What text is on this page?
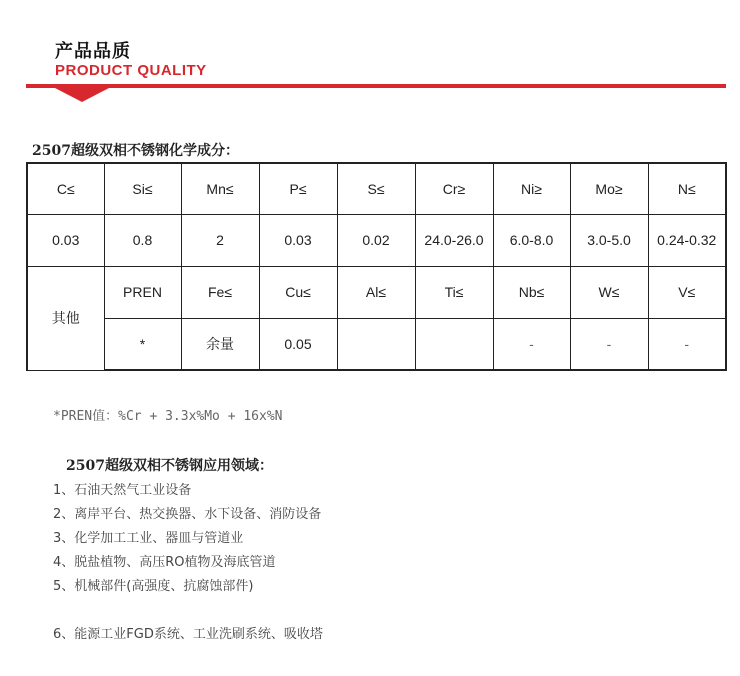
产品品质
PRODUCT QUALITY
2507超级双相不锈钢化学成分：
C≤	Si≤	Mn≤	P≤	S≤	Cr≥	Ni≥	Mo≥	N≤
0.03	0.8	2	0.03	0.02	24.0-26.0	6.0-8.0	3.0-5.0	0.24-0.32
其他	PREN	Fe≤	Cu≤	Al≤	Ti≤	Nb≤	W≤	V≤
	*	余量	0.05			-	-	-
*PREN值：%Cr + 3.3x%Mo + 16x%N
2507超级双相不锈钢应用领域：
1、石油天然气工业设备
2、离岸平台、热交换器、水下设备、消防设备
3、化学加工工业、器皿与管道业
4、脱盐植物、高压RO植物及海底管道
5、机械部件(高强度、抗腐蚀部件)
6、能源工业FGD系统、工业洗刷系统、吸收塔
